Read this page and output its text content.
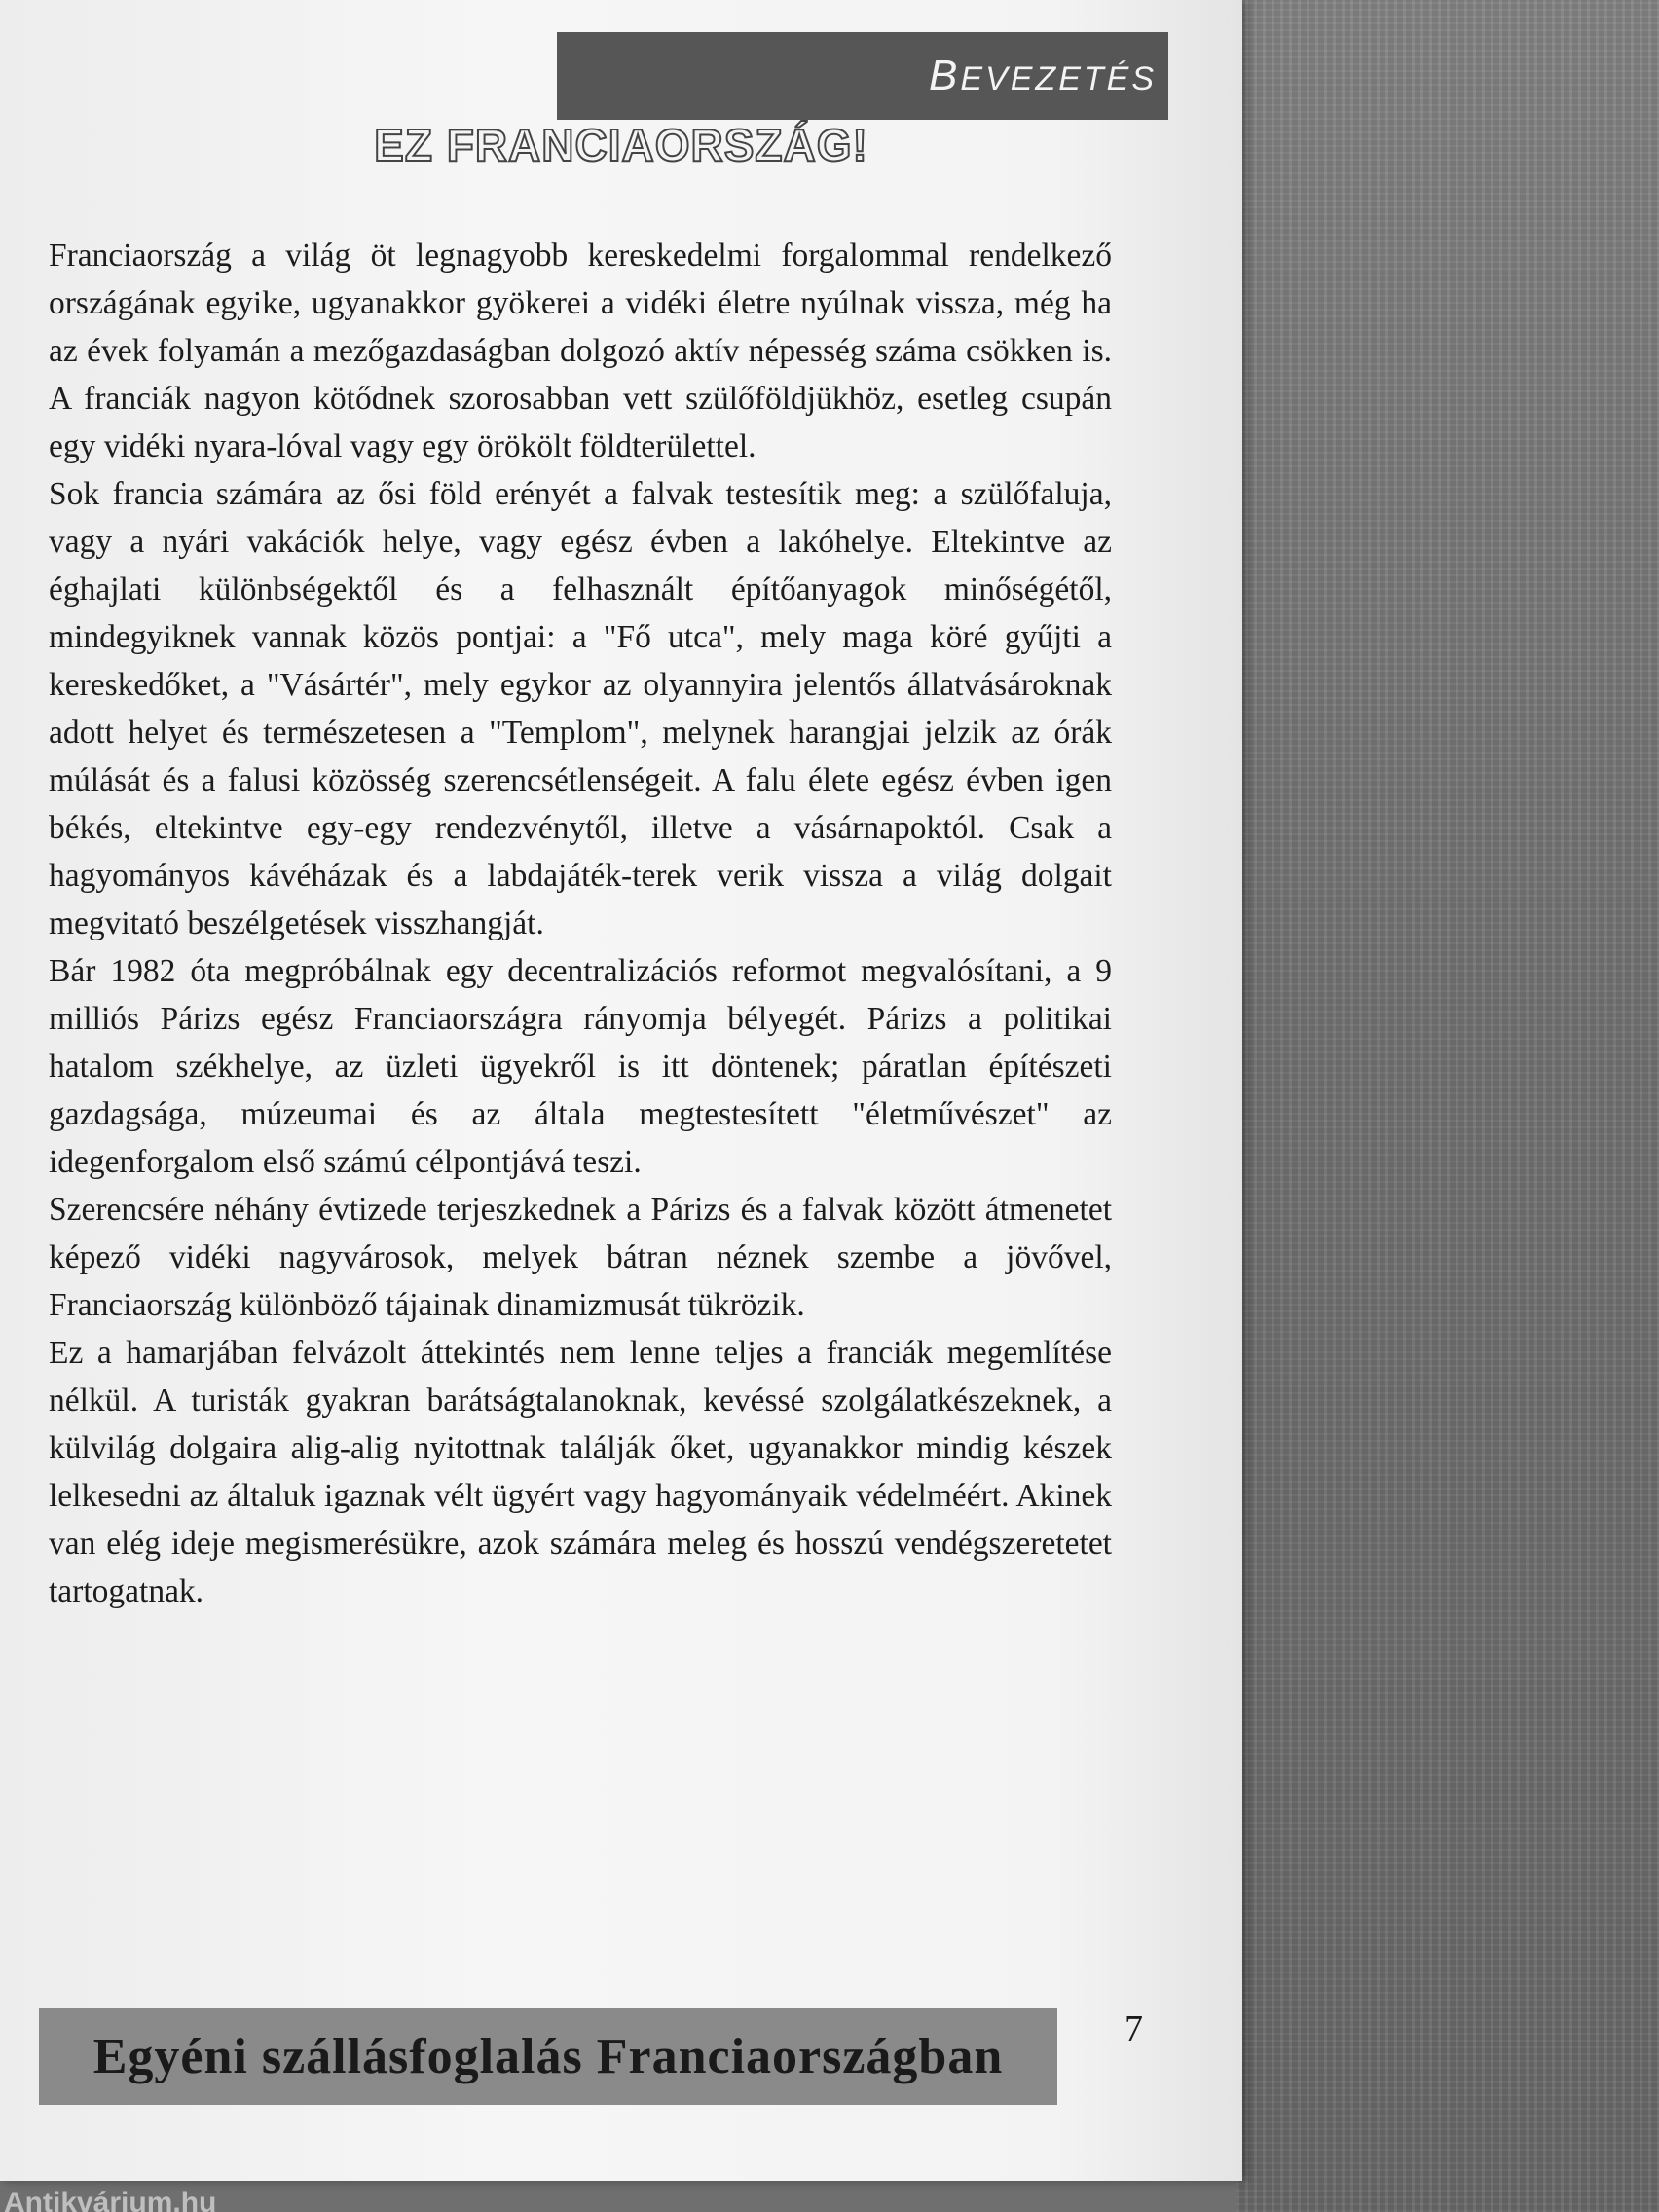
BEVEZETÉS
EZ FRANCIAORSZÁG!

Franciaország a világ öt legnagyobb kereskedelmi forgalommal rendelkező országának egyike, ugyanakkor gyökerei a vidéki életre nyúlnak vissza, még ha az évek folyamán a mezőgazdaságban dolgozó aktív népesség száma csökken is. A franciák nagyon kötődnek szorosabban vett szülőföldjükhöz, esetleg csupán egy vidéki nyara-lóval vagy egy örökölt földterülettel.

Sok francia számára az ősi föld erényét a falvak testesítik meg: a szülőfaluja, vagy a nyári vakációk helye, vagy egész évben a lakóhelye. Eltekintve az éghajlati különbségektől és a felhasznált építőanyagok minőségétől, mindegyiknek vannak közös pontjai: a "Fő utca", mely maga köré gyűjti a kereskedőket, a "Vásártér", mely egykor az olyannyira jelentős állatvásároknak adott helyet és természetesen a "Templom", melynek harangjai jelzik az órák múlását és a falusi közösség szerencsétlenségeit. A falu élete egész évben igen békés, eltekintve egy-egy rendezvénytől, illetve a vásárnapoktól. Csak a hagyományos kávéházak és a labdajáték-terek verik vissza a világ dolgait megvitató beszélgetések visszhangját.

Bár 1982 óta megpróbálnak egy decentralizációs reformot megvalósítani, a 9 milliós Párizs egész Franciaországra rányomja bélyegét. Párizs a politikai hatalom székhelye, az üzleti ügyekről is itt döntenek; páratlan építészeti gazdagsága, múzeumai és az általa megtestesített "életművészet" az idegenforgalom első számú célpontjává teszi.

Szerencsére néhány évtizede terjeszkednek a Párizs és a falvak között átmenetet képező vidéki nagyvárosok, melyek bátran néznek szembe a jövővel, Franciaország különböző tájainak dinamizmusát tükrözik.

Ez a hamarjában felvázolt áttekintés nem lenne teljes a franciák megemlítése nélkül. A turisták gyakran barátságtalanoknak, kevéssé szolgálatkészeknek, a külvilág dolgaira alig-alig nyitottnak találják őket, ugyanakkor mindig készek lelkesedni az általuk igaznak vélt ügyért vagy hagyományaik védelméért. Akinek van elég ideje megismerésükre, azok számára meleg és hosszú vendégszeretetet tartogatnak.

Egyéni szállásfoglalás Franciaországban	7
Antikvárium.hu
